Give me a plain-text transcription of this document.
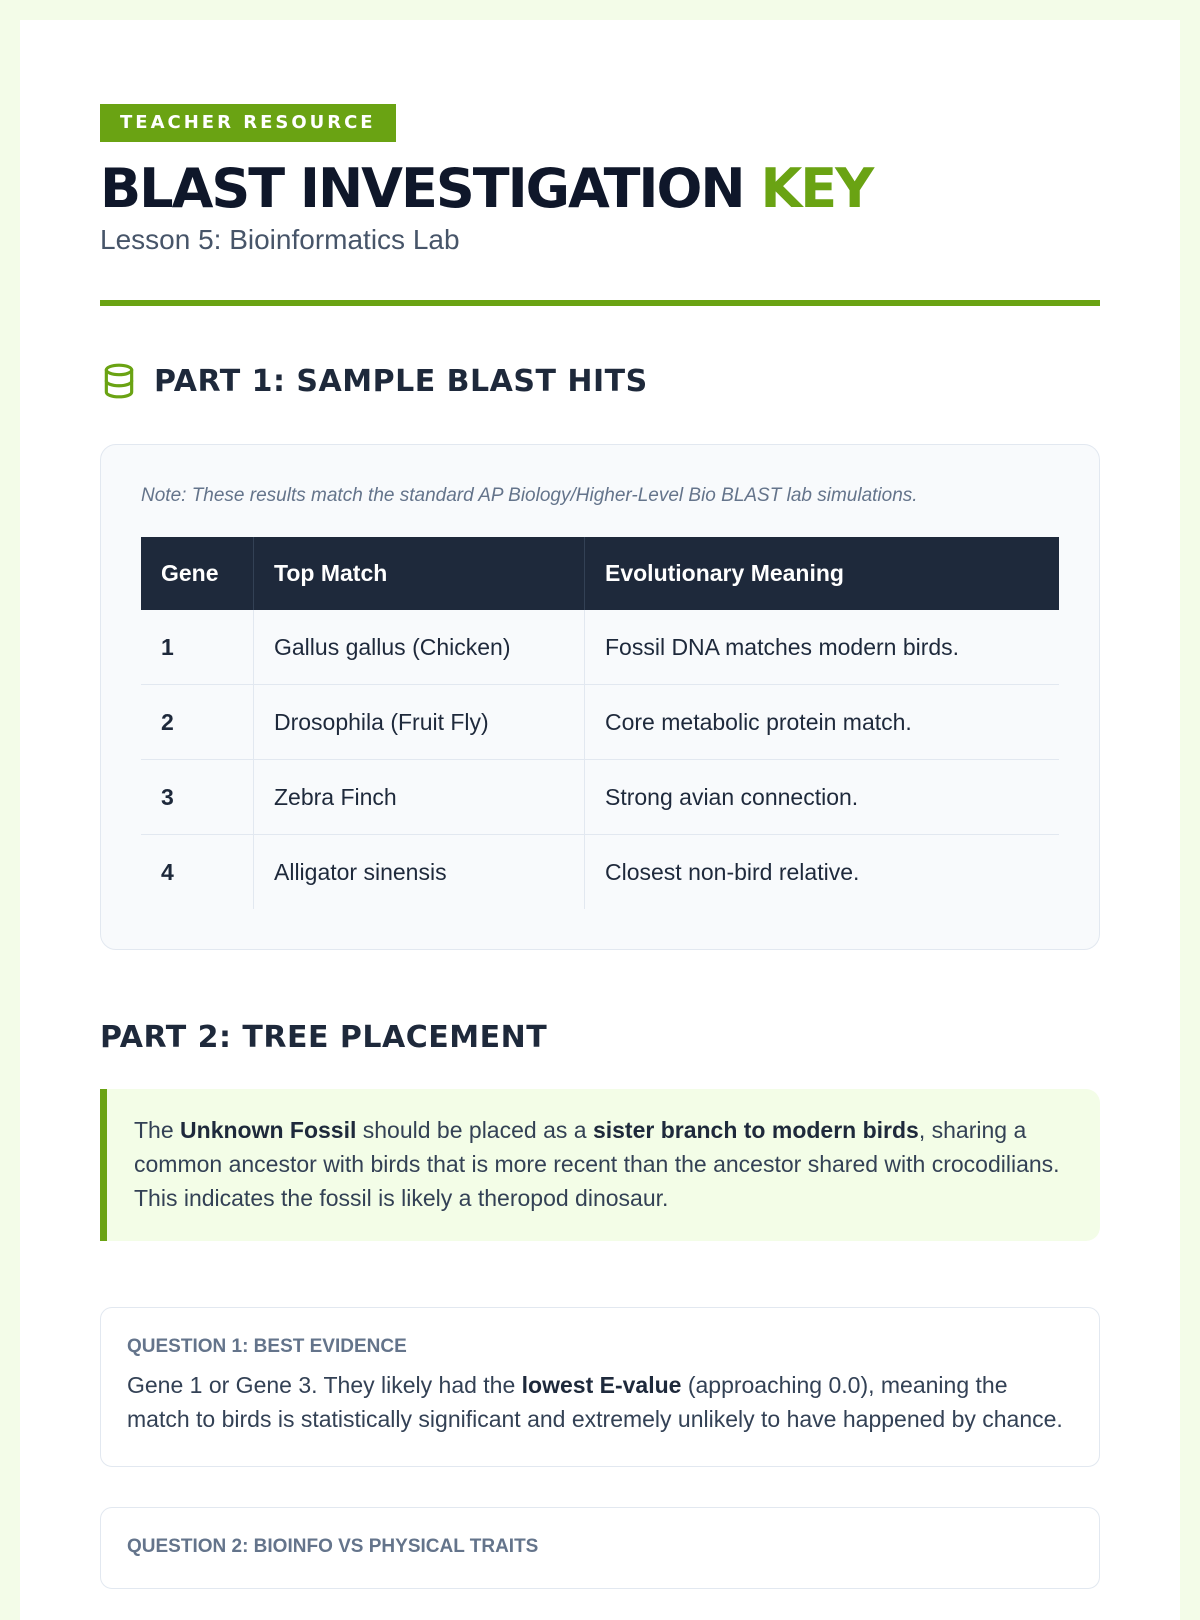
TEACHER RESOURCE
BLAST INVESTIGATION KEY
Lesson 5: Bioinformatics Lab
PART 1: SAMPLE BLAST HITS
Note: These results match the standard AP Biology/Higher-Level Bio BLAST lab simulations.
Gene	Top Match	Evolutionary Meaning
1	Gallus gallus (Chicken)	Fossil DNA matches modern birds.
2	Drosophila (Fruit Fly)	Core metabolic protein match.
3	Zebra Finch	Strong avian connection.
4	Alligator sinensis	Closest non-bird relative.
PART 2: TREE PLACEMENT
The Unknown Fossil should be placed as a sister branch to modern birds, sharing a common ancestor with birds that is more recent than the ancestor shared with crocodilians. This indicates the fossil is likely a theropod dinosaur.
QUESTION 1: BEST EVIDENCE
Gene 1 or Gene 3. They likely had the lowest E-value (approaching 0.0), meaning the match to birds is statistically significant and extremely unlikely to have happened by chance.
QUESTION 2: BIOINFO VS PHYSICAL TRAITS
